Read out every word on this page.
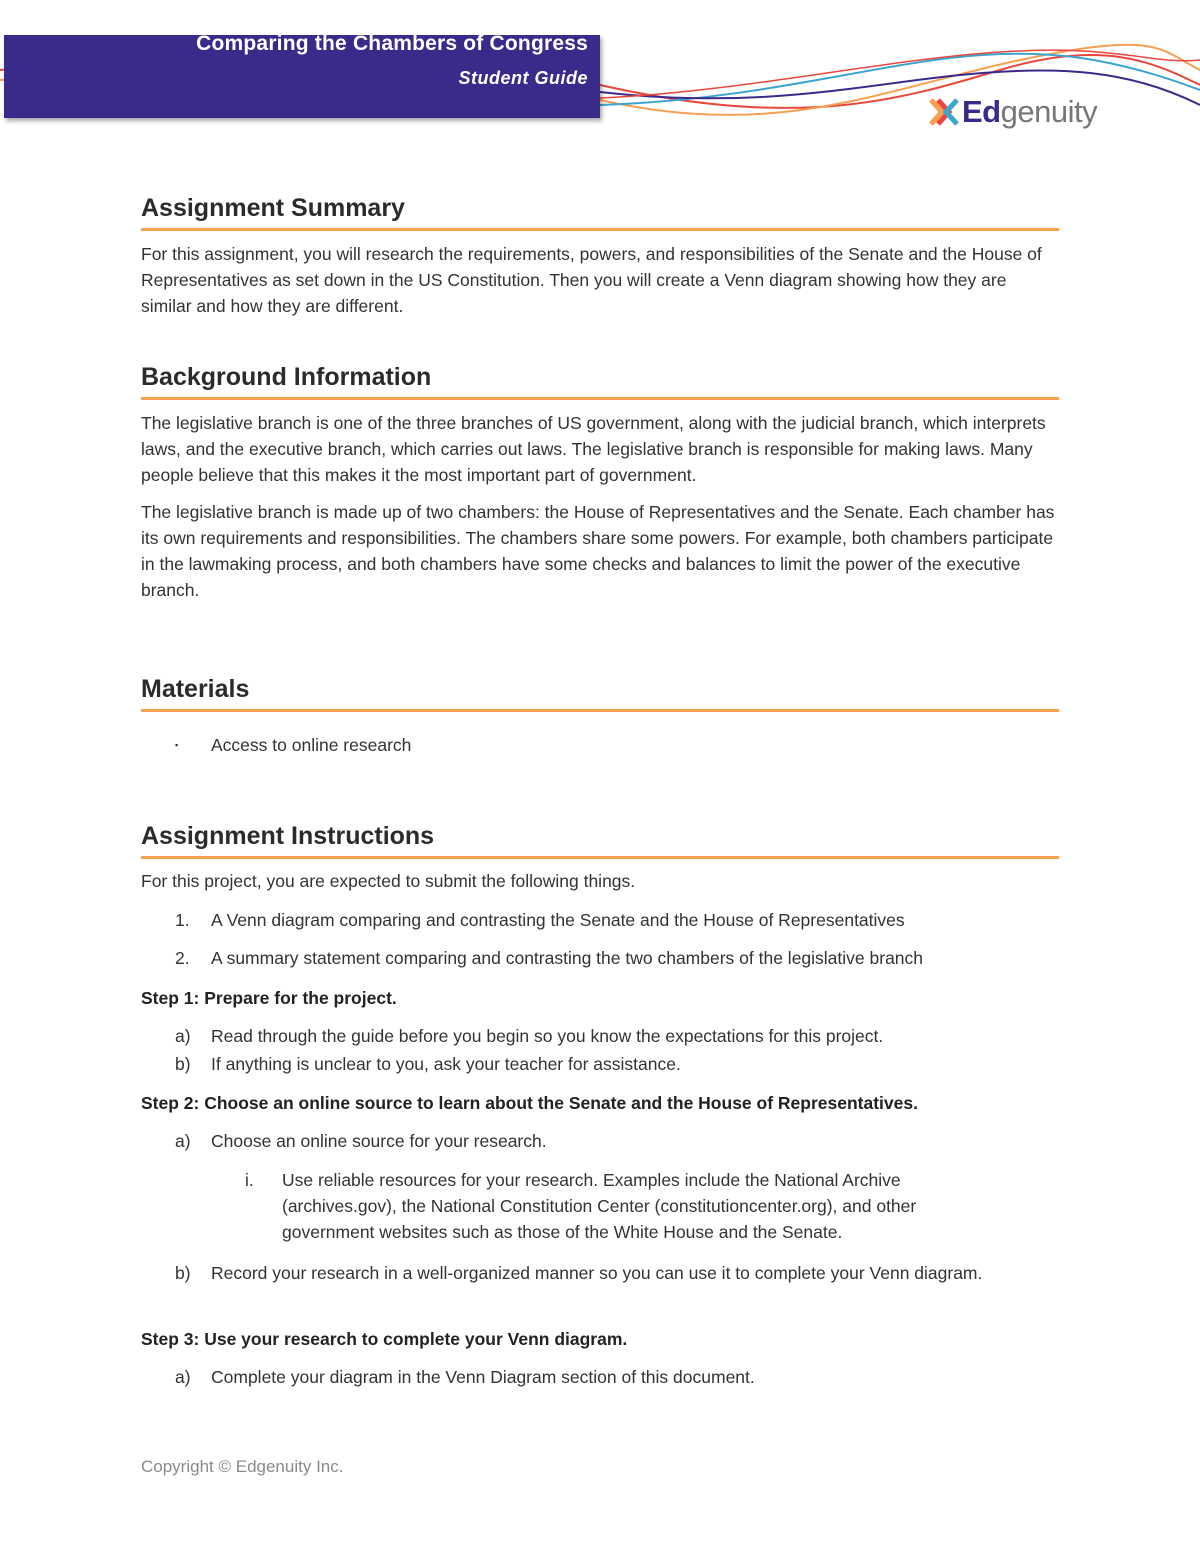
Comparing the Chambers of Congress
Student Guide
Edgenuity
Assignment Summary

For this assignment, you will research the requirements, powers, and responsibilities of the Senate and the House of Representatives as set down in the US Constitution. Then you will create a Venn diagram showing how they are similar and how they are different.

Background Information

The legislative branch is one of the three branches of US government, along with the judicial branch, which interprets laws, and the executive branch, which carries out laws. The legislative branch is responsible for making laws. Many people believe that this makes it the most important part of government.

The legislative branch is made up of two chambers: the House of Representatives and the Senate. Each chamber has its own requirements and responsibilities. The chambers share some powers. For example, both chambers participate in the lawmaking process, and both chambers have some checks and balances to limit the power of the executive branch.

Materials
▪ Access to online research
Assignment Instructions
For this project, you are expected to submit the following things.
1. A Venn diagram comparing and contrasting the Senate and the House of Representatives
2. A summary statement comparing and contrasting the two chambers of the legislative branch
Step 1: Prepare for the project.
a) Read through the guide before you begin so you know the expectations for this project.
b) If anything is unclear to you, ask your teacher for assistance.
Step 2: Choose an online source to learn about the Senate and the House of Representatives.
a) Choose an online source for your research.
i. Use reliable resources for your research. Examples include the National Archive (archives.gov), the National Constitution Center (constitutioncenter.org), and other government websites such as those of the White House and the Senate.
b) Record your research in a well-organized manner so you can use it to complete your Venn diagram.
Step 3: Use your research to complete your Venn diagram.
a) Complete your diagram in the Venn Diagram section of this document.
Copyright © Edgenuity Inc.
